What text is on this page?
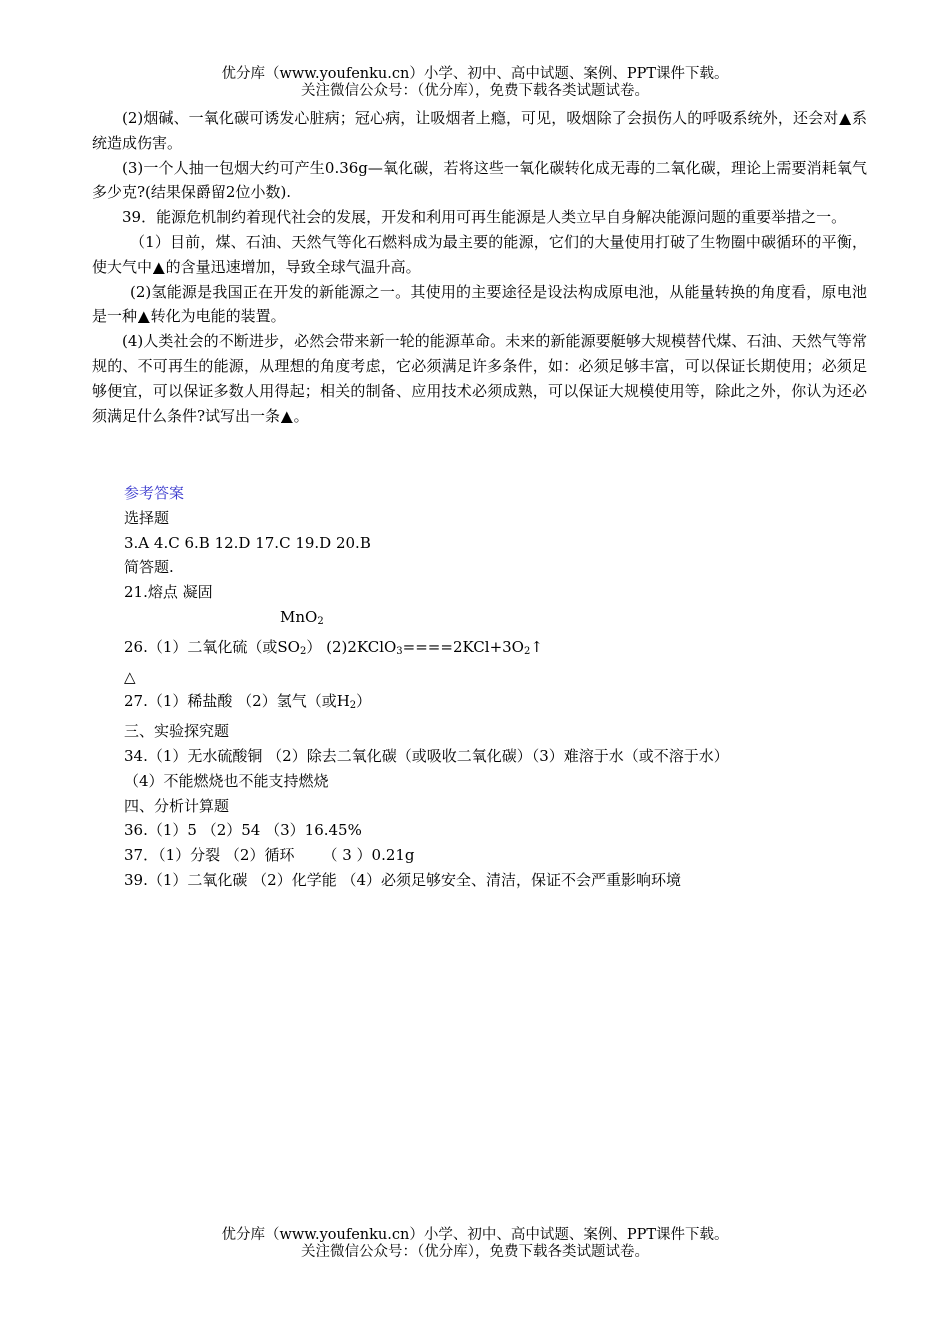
优分库（www.youfenku.cn）小学、初中、高中试题、案例、PPT课件下载。
关注微信公众号：（优分库），免费下载各类试题试卷。

(2)烟碱、一氧化碳可诱发心脏病；冠心病，让吸烟者上瘾，可见，吸烟除了会损伤人的呼吸系统外，还会对▲系统造成伤害。

(3)一个人抽一包烟大约可产生0.36g—氧化碳，若将这些一氧化碳转化成无毒的二氧化碳，理论上需要消耗氧气多少克?(结果保爵留2位小数).

39．能源危机制约着现代社会的发展，开发和利用可再生能源是人类立早自身解决能源问题的重要举措之一。

（1）目前，煤、石油、天然气等化石燃料成为最主要的能源，它们的大量使用打破了生物圈中碳循环的平衡，使大气中▲的含量迅速增加，导致全球气温升高。

(2)氢能源是我国正在开发的新能源之一。其使用的主要途径是设法构成原电池，从能量转换的角度看，原电池是一种▲转化为电能的装置。

(4)人类社会的不断进步，必然会带来新一轮的能源革命。未来的新能源要艇够大规模替代煤、石油、天然气等常规的、不可再生的能源，从理想的角度考虑，它必须满足许多条件，如：必须足够丰富，可以保证长期使用；必须足够便宜，可以保证多数人用得起；相关的制备、应用技术必须成熟，可以保证大规模使用等，除此之外，你认为还必须满足什么条件?试写出一条▲。

参考答案
选择题
3.A 4.C 6.B 12.D 17.C 19.D 20.B
简答题.
21.熔点 凝固
MnO$_2$
26.（1）二氧化硫（或$SO_2$） $(2)2KClO_3====2KCl+3O_2↑$
△
27.（1）稀盐酸 （2）氢气（或$H_2$）
三、实验探究题
34.（1）无水硫酸铜 （2）除去二氧化碳（或吸收二氧化碳）（3）难溶于水（或不溶于水）
（4）不能燃烧也不能支持燃烧
四、分析计算题
36.（1）5 （2）54 （3）16.45%
37．（1）分裂 （2）循环 （ 3 ）0.21g
39.（1）二氧化碳 （2）化学能 （4）必须足够安全、清洁，保证不会严重影响环境
优分库（www.youfenku.cn）小学、初中、高中试题、案例、PPT课件下载。
关注微信公众号：（优分库），免费下载各类试题试卷。
